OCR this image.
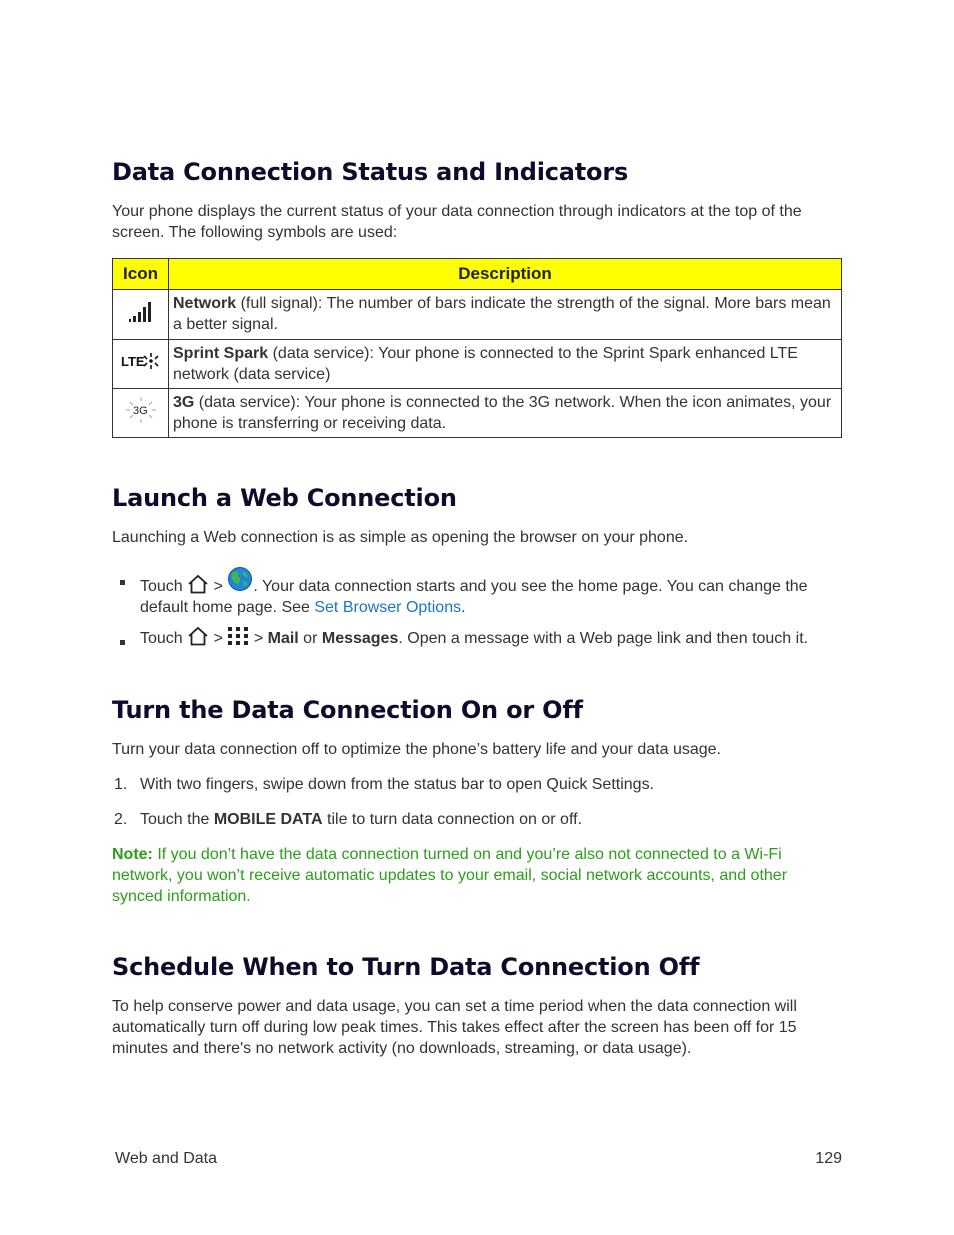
Data Connection Status and Indicators

Your phone displays the current status of your data connection through indicators at the top of the screen. The following symbols are used:

Icon	Description
	Network (full signal): The number of bars indicate the strength of the signal. More bars mean a better signal.

LTE	Sprint Spark (data service): Your phone is connected to the Sprint Spark enhanced LTE network (data service)

3G	3G (data service): Your phone is connected to the 3G network. When the icon animates, your phone is transferring or receiving data.
Launch a Web Connection

Launching a Web connection is as simple as opening the browser on your phone.

Touch  > . Your data connection starts and you see the home page. You can change the default home page. See Set Browser Options.
Touch  >  > Mail or Messages. Open a message with a Web page link and then touch it.
Turn the Data Connection On or Off

Turn your data connection off to optimize the phone’s battery life and your data usage.

1. With two fingers, swipe down from the status bar to open Quick Settings.
2. Touch the MOBILE DATA tile to turn data connection on or off.

Note: If you don’t have the data connection turned on and you’re also not connected to a Wi-Fi network, you won’t receive automatic updates to your email, social network accounts, and other synced information.

Schedule When to Turn Data Connection Off

To help conserve power and data usage, you can set a time period when the data connection will automatically turn off during low peak times. This takes effect after the screen has been off for 15 minutes and there's no network activity (no downloads, streaming, or data usage).

Web and Data	129
